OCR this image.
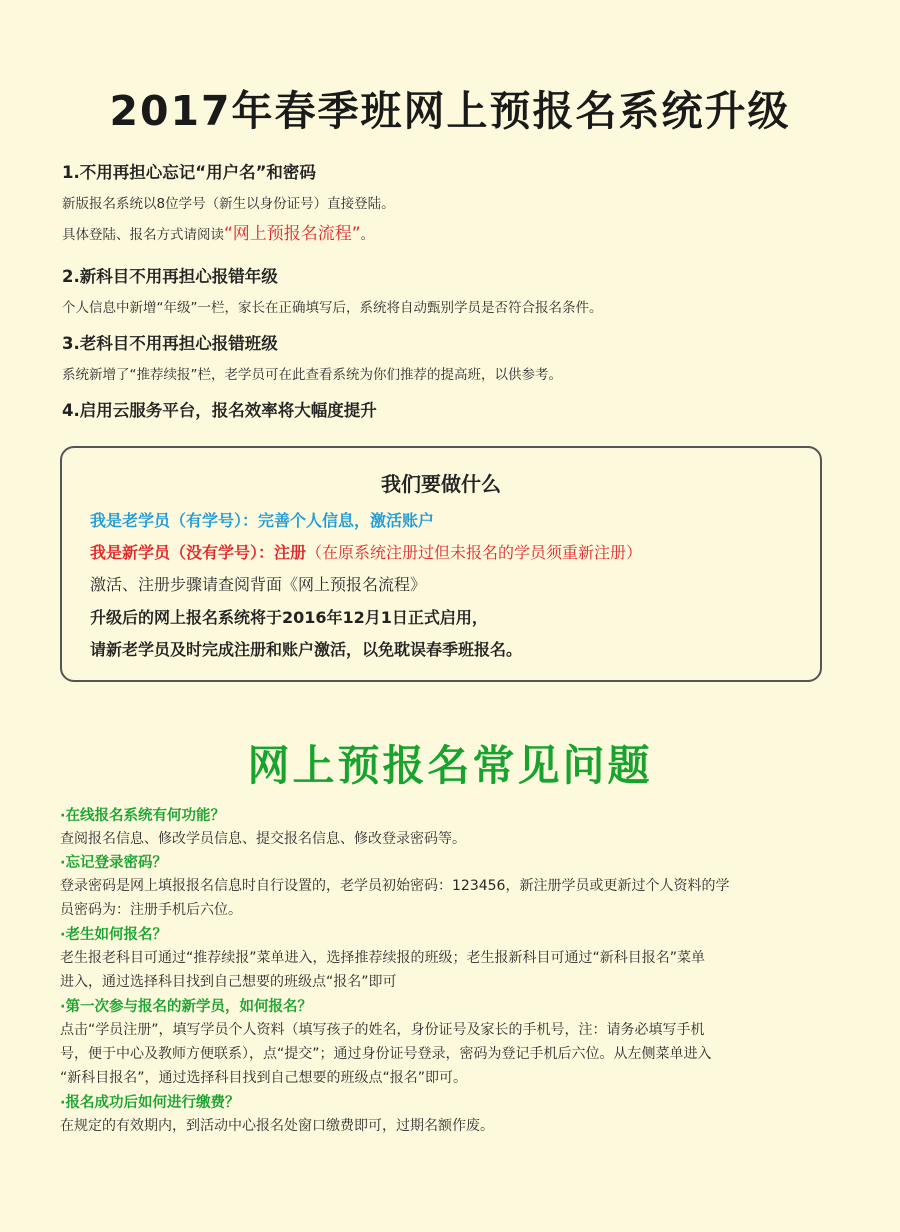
2017年春季班网上预报名系统升级

1.不用再担心忘记“用户名”和密码

新版报名系统以8位学号（新生以身份证号）直接登陆。

具体登陆、报名方式请阅读“网上预报名流程”。

2.新科目不用再担心报错年级

个人信息中新增“年级”一栏，家长在正确填写后，系统将自动甄别学员是否符合报名条件。

3.老科目不用再担心报错班级

系统新增了“推荐续报”栏，老学员可在此查看系统为你们推荐的提高班，以供参考。

4.启用云服务平台，报名效率将大幅度提升

我们要做什么
我是老学员（有学号）：完善个人信息，激活账户
我是新学员（没有学号）：注册（在原系统注册过但未报名的学员须重新注册）
激活、注册步骤请查阅背面《网上预报名流程》
升级后的网上报名系统将于2016年12月1日正式启用，
请新老学员及时完成注册和账户激活，以免耽误春季班报名。
网上预报名常见问题

·在线报名系统有何功能？

查阅报名信息、修改学员信息、提交报名信息、修改登录密码等。

·忘记登录密码？

登录密码是网上填报报名信息时自行设置的，老学员初始密码：123456，新注册学员或更新过个人资料的学

员密码为：注册手机后六位。

·老生如何报名？

老生报老科目可通过“推荐续报”菜单进入，选择推荐续报的班级；老生报新科目可通过“新科目报名”菜单

进入，通过选择科目找到自己想要的班级点“报名”即可

·第一次参与报名的新学员，如何报名？

点击“学员注册”，填写学员个人资料（填写孩子的姓名，身份证号及家长的手机号，注：请务必填写手机

号，便于中心及教师方便联系），点“提交”；通过身份证号登录，密码为登记手机后六位。从左侧菜单进入

“新科目报名”，通过选择科目找到自己想要的班级点“报名”即可。

·报名成功后如何进行缴费？

在规定的有效期内，到活动中心报名处窗口缴费即可，过期名额作废。
